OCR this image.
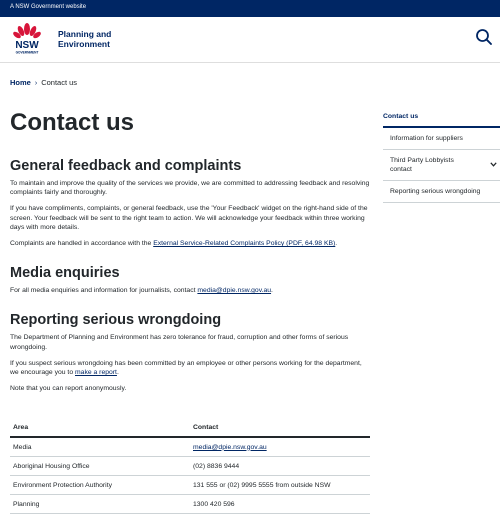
A NSW Government website
NSW
GOVERNMENT
Planning and
Environment
Home › Contact us
Contact us
General feedback and complaints

To maintain and improve the quality of the services we provide, we are committed to addressing feedback and resolving complaints fairly and thoroughly.

If you have compliments, complaints, or general feedback, use the 'Your Feedback' widget on the right-hand side of the screen. Your feedback will be sent to the right team to action. We will acknowledge your feedback within three working days with more details.

Complaints are handled in accordance with the External Service-Related Complaints Policy (PDF, 64.98 KB).

Media enquiries

For all media enquiries and information for journalists, contact media@dpie.nsw.gov.au.

Reporting serious wrongdoing

The Department of Planning and Environment has zero tolerance for fraud, corruption and other forms of serious wrongdoing.

If you suspect serious wrongdoing has been committed by an employee or other persons working for the department, we encourage you to make a report.

Note that you can report anonymously.

Area	Contact
Media	media@dpie.nsw.gov.au
Aboriginal Housing Office	(02) 8836 9444
Environment Protection Authority	131 555 or (02) 9995 5555 from outside NSW
Planning	1300 420 596
Contact us
Information for suppliers
Third Party Lobbyists
contact
Reporting serious wrongdoing
